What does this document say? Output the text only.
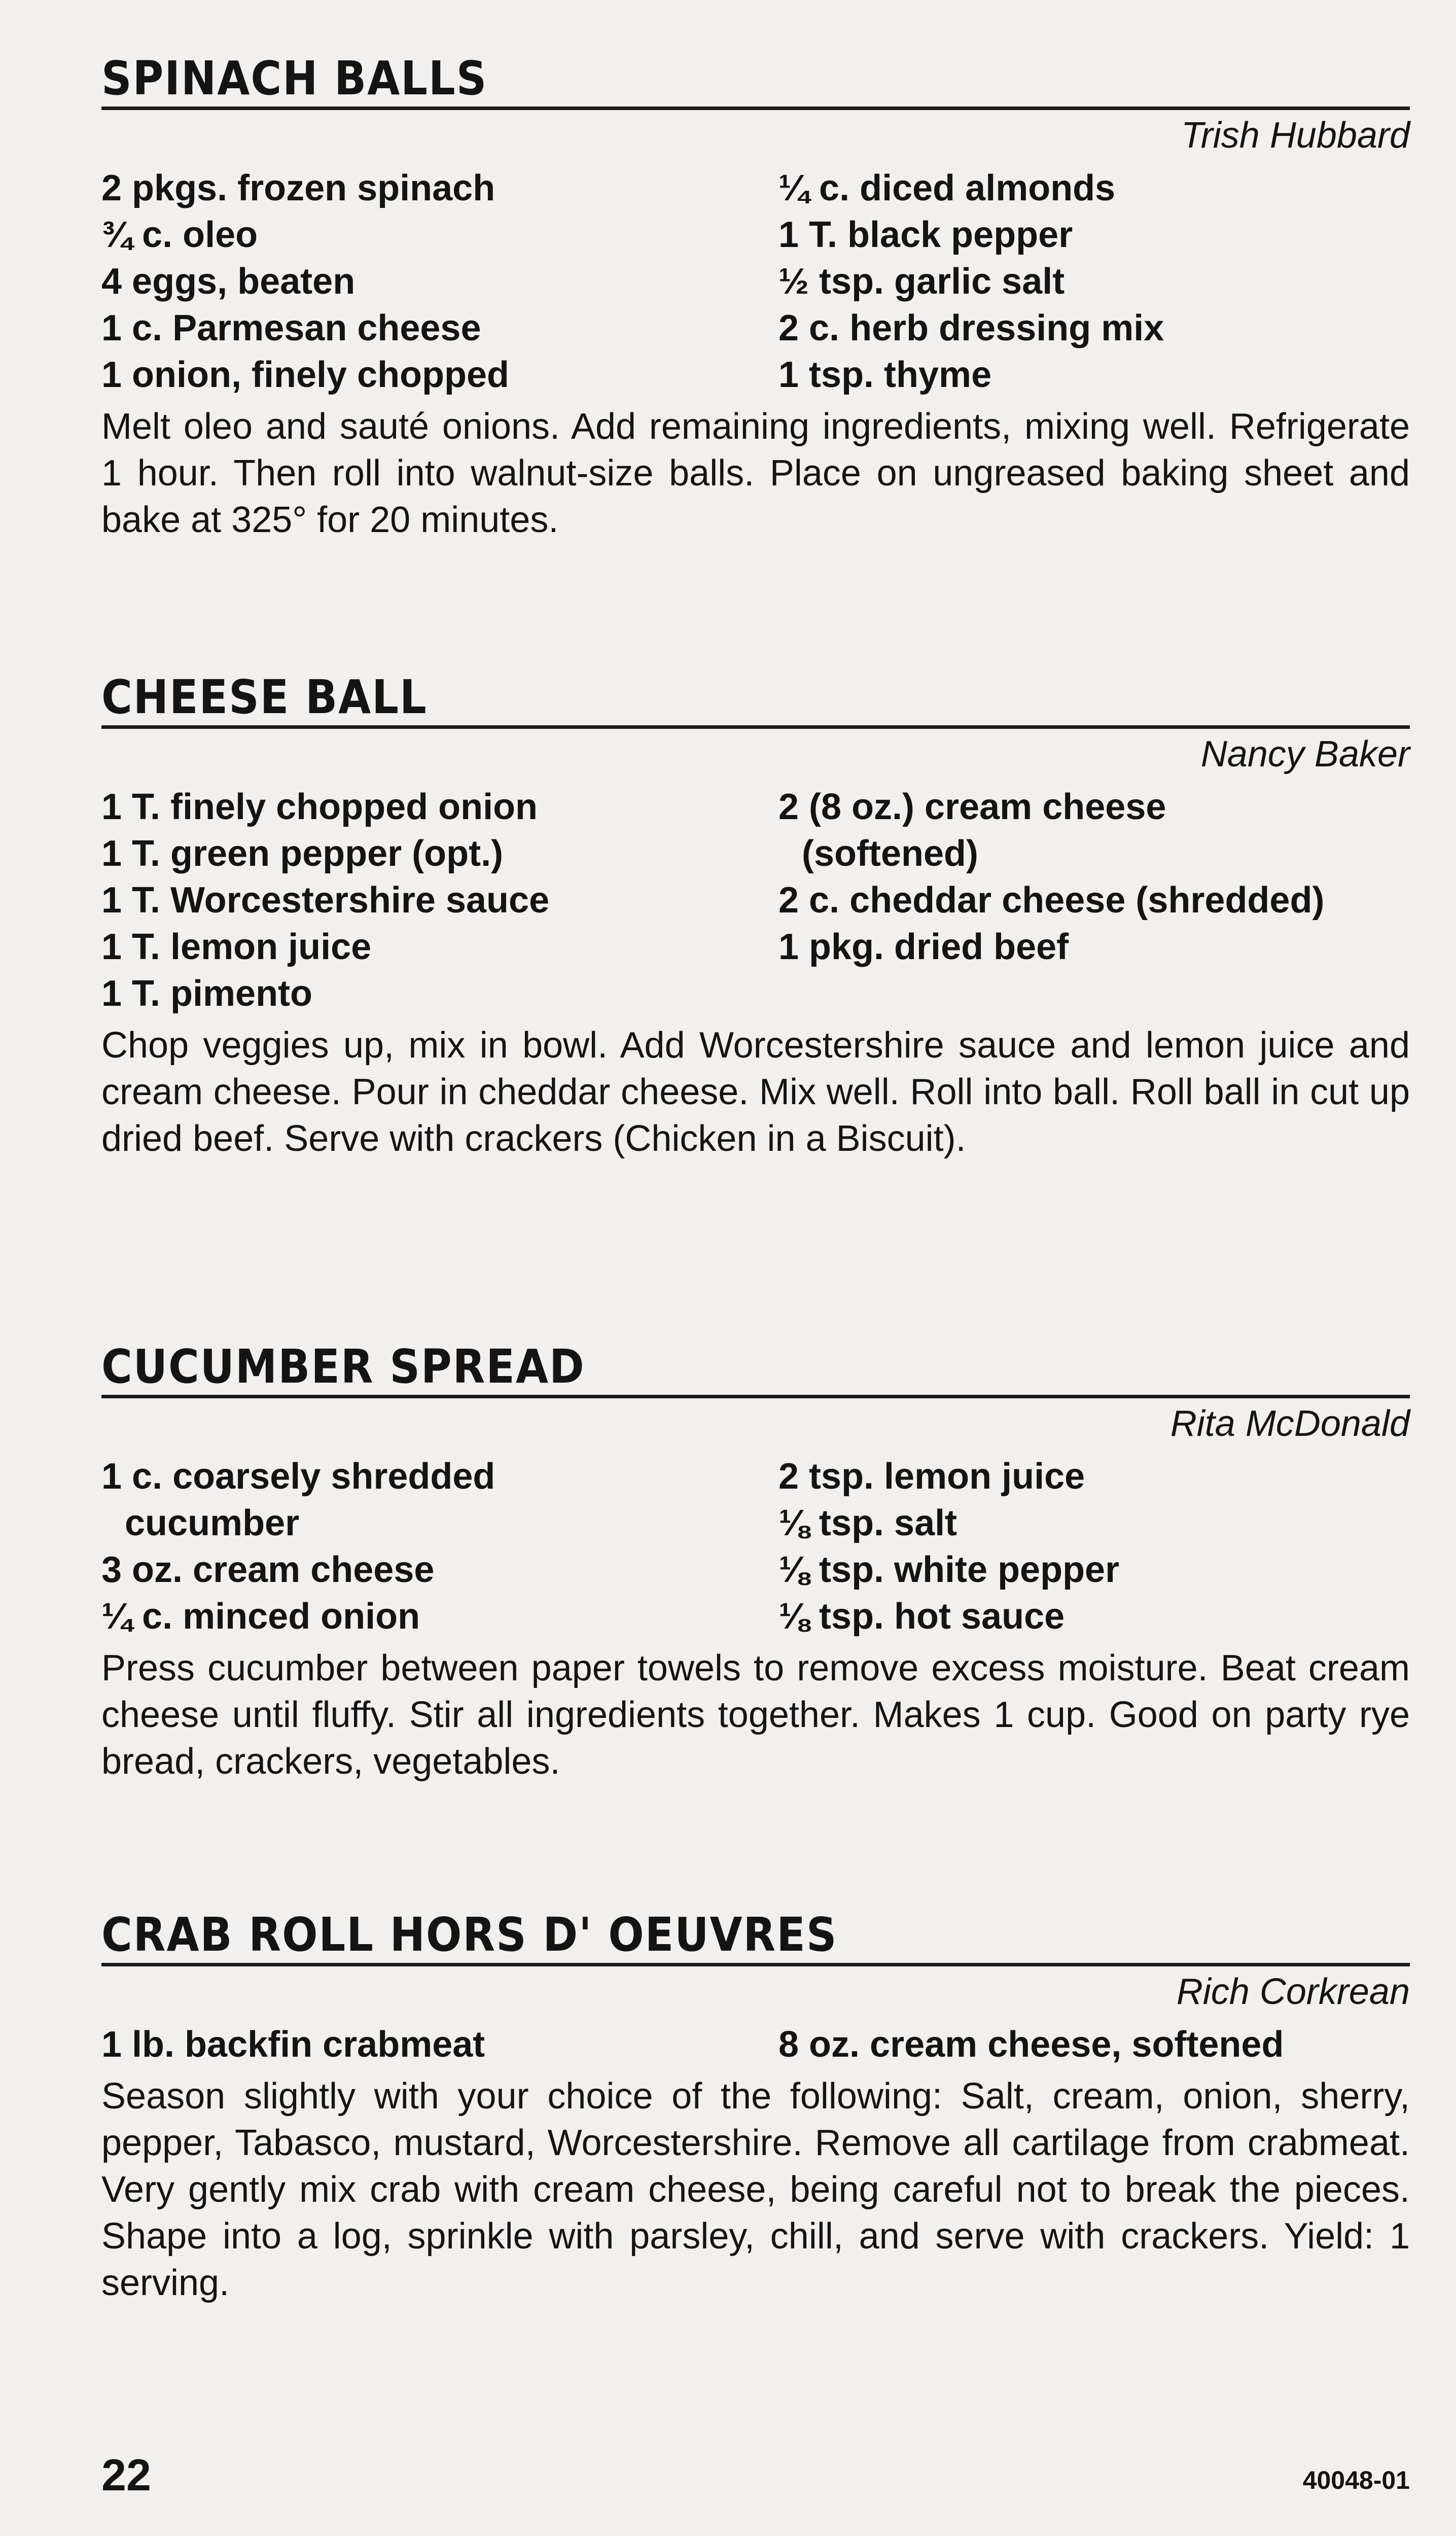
SPINACH BALLS
Trish Hubbard
2 pkgs. frozen spinach
¾ c. oleo
4 eggs, beaten
1 c. Parmesan cheese
1 onion, finely chopped
¼ c. diced almonds
1 T. black pepper
½ tsp. garlic salt
2 c. herb dressing mix
1 tsp. thyme
Melt oleo and sauté onions. Add remaining ingredients, mixing well. Refrigerate 1 hour. Then roll into walnut-size balls. Place on ungreased baking sheet and bake at 325° for 20 minutes.
CHEESE BALL
Nancy Baker
1 T. finely chopped onion
1 T. green pepper (opt.)
1 T. Worcestershire sauce
1 T. lemon juice
1 T. pimento
2 (8 oz.) cream cheese
(softened)
2 c. cheddar cheese (shredded)
1 pkg. dried beef
Chop veggies up, mix in bowl. Add Worcestershire sauce and lemon juice and cream cheese. Pour in cheddar cheese. Mix well. Roll into ball. Roll ball in cut up dried beef. Serve with crackers (Chicken in a Biscuit).
CUCUMBER SPREAD
Rita McDonald
1 c. coarsely shredded
cucumber
3 oz. cream cheese
¼ c. minced onion
2 tsp. lemon juice
⅛ tsp. salt
⅛ tsp. white pepper
⅛ tsp. hot sauce
Press cucumber between paper towels to remove excess moisture. Beat cream cheese until fluffy. Stir all ingredients together. Makes 1 cup. Good on party rye bread, crackers, vegetables.
CRAB ROLL HORS D' OEUVRES
Rich Corkrean
1 lb. backfin crabmeat	8 oz. cream cheese, softened
Season slightly with your choice of the following: Salt, cream, onion, sherry, pepper, Tabasco, mustard, Worcestershire. Remove all cartilage from crabmeat. Very gently mix crab with cream cheese, being careful not to break the pieces. Shape into a log, sprinkle with parsley, chill, and serve with crackers. Yield: 1 serving.
22	40048-01
